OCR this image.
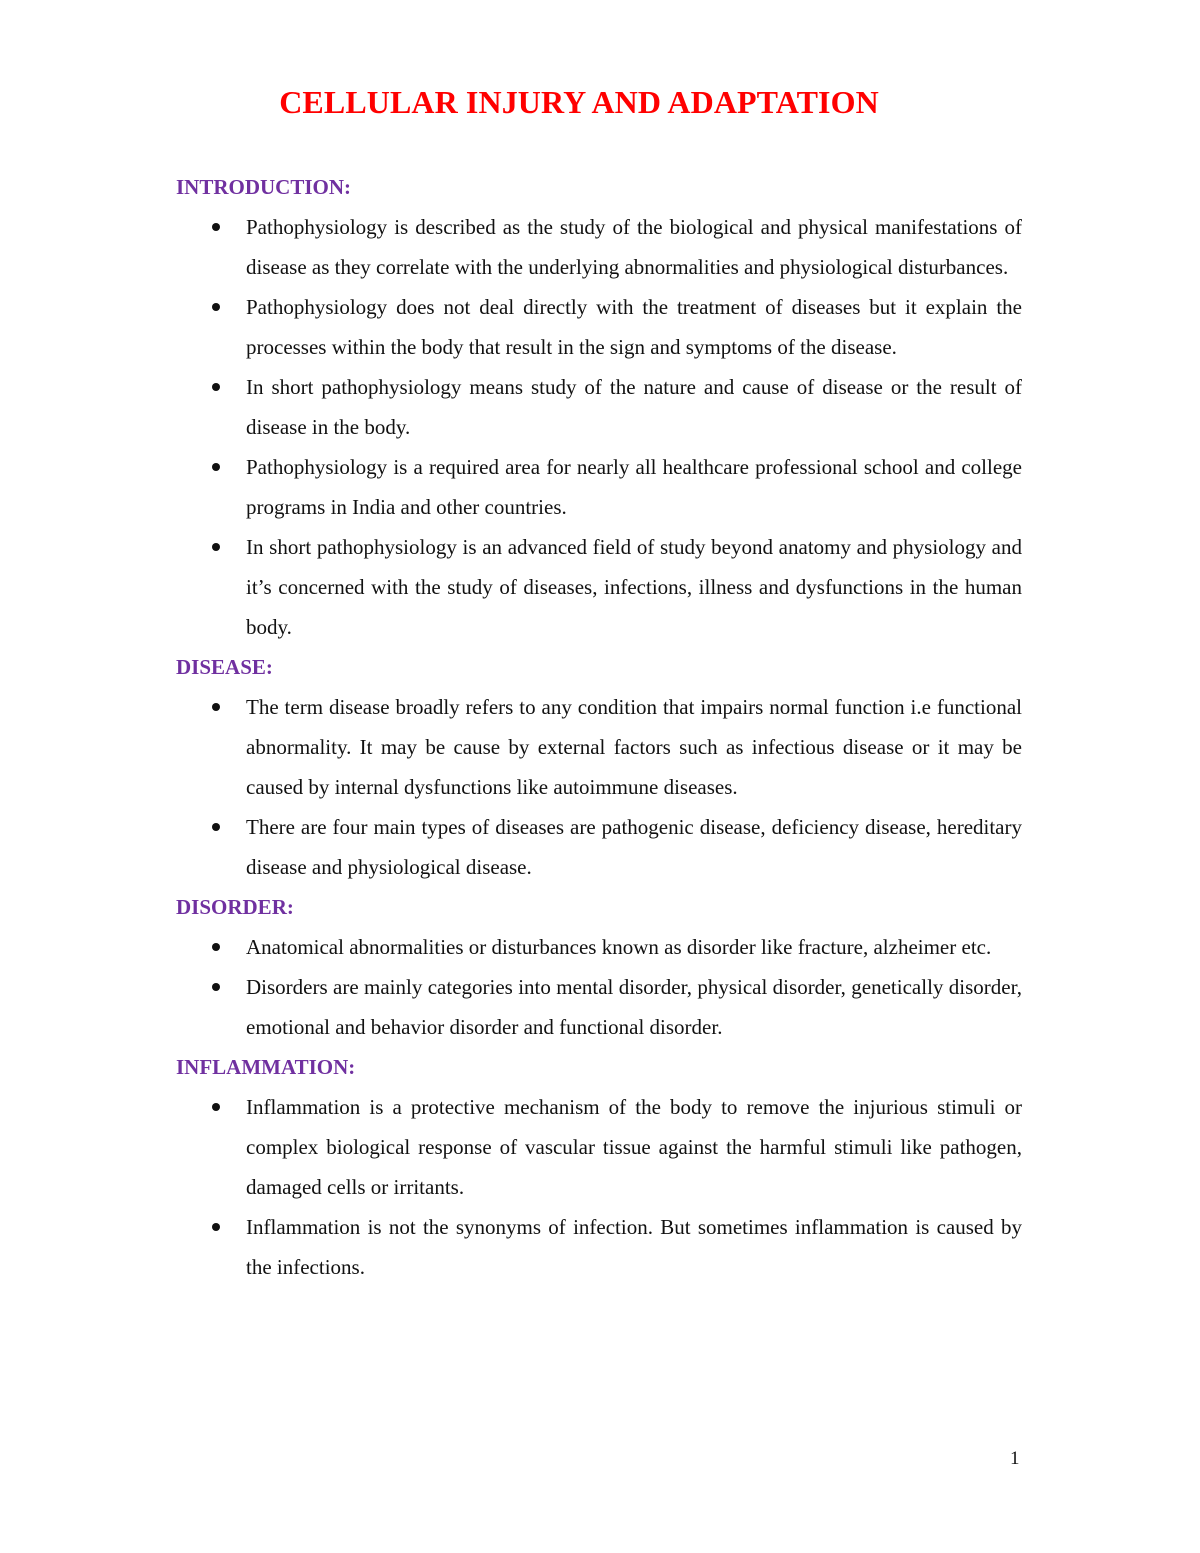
CELLULAR INJURY AND ADAPTATION
INTRODUCTION:
Pathophysiology is described as the study of the biological and physical manifestations of disease as they correlate with the underlying abnormalities and physiological disturbances.
Pathophysiology does not deal directly with the treatment of diseases but it explain the processes within the body that result in the sign and symptoms of the disease.
In short pathophysiology means study of the nature and cause of disease or the result of disease in the body.
Pathophysiology is a required area for nearly all healthcare professional school and college programs in India and other countries.
In short pathophysiology is an advanced field of study beyond anatomy and physiology and it’s concerned with the study of diseases, infections, illness and dysfunctions in the human body.
DISEASE:
The term disease broadly refers to any condition that impairs normal function i.e functional abnormality. It may be cause by external factors such as infectious disease or it may be caused by internal dysfunctions like autoimmune diseases.
There are four main types of diseases are pathogenic disease, deficiency disease, hereditary disease and physiological disease.
DISORDER:
Anatomical abnormalities or disturbances known as disorder like fracture, alzheimer etc.
Disorders are mainly categories into mental disorder, physical disorder, genetically disorder, emotional and behavior disorder and functional disorder.
INFLAMMATION:
Inflammation is a protective mechanism of the body to remove the injurious stimuli or complex biological response of vascular tissue against the harmful stimuli like pathogen, damaged cells or irritants.
Inflammation is not the synonyms of infection. But sometimes inflammation is caused by the infections.
1
